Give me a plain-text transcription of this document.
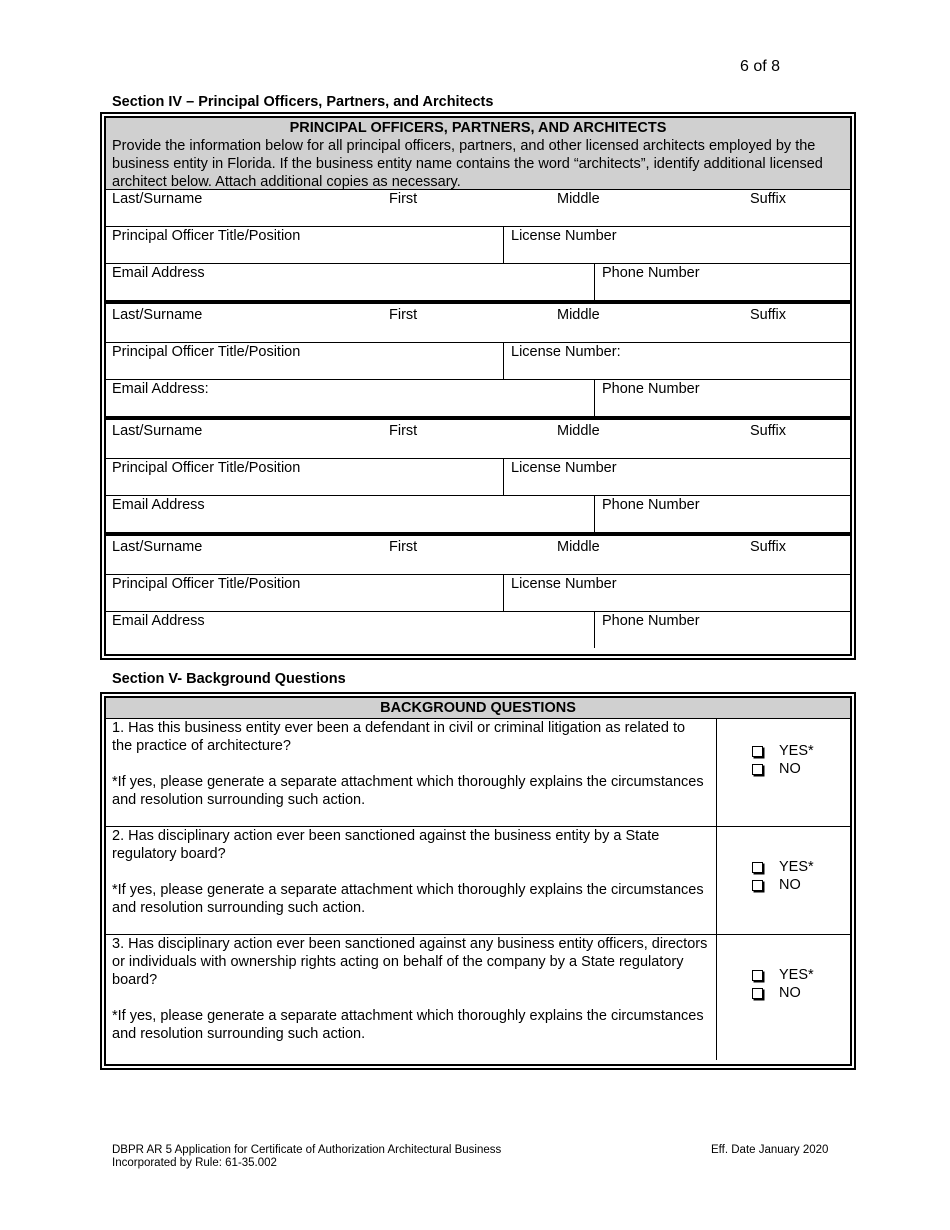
6 of 8
Section IV – Principal Officers, Partners, and Architects
PRINCIPAL OFFICERS, PARTNERS, AND ARCHITECTS
Provide the information below for all principal officers, partners, and other licensed architects employed by the business entity in Florida. If the business entity name contains the word “architects”, identify additional licensed architect below. Attach additional copies as necessary.
Last/Surname	First	Middle	Suffix
Principal Officer Title/Position	License Number
Email Address	Phone Number
Last/Surname	First	Middle	Suffix
Principal Officer Title/Position	License Number:
Email Address:	Phone Number
Last/Surname	First	Middle	Suffix
Principal Officer Title/Position	License Number
Email Address	Phone Number
Last/Surname	First	Middle	Suffix
Principal Officer Title/Position	License Number
Email Address	Phone Number
Section V- Background Questions
BACKGROUND QUESTIONS

1. Has this business entity ever been a defendant in civil or criminal litigation as related to the practice of architecture?

*If yes, please generate a separate attachment which thoroughly explains the circumstances and resolution surrounding such action.

YES*
NO

2. Has disciplinary action ever been sanctioned against the business entity by a State regulatory board?

*If yes, please generate a separate attachment which thoroughly explains the circumstances and resolution surrounding such action.

YES*
NO

3. Has disciplinary action ever been sanctioned against any business entity officers, directors or individuals with ownership rights acting on behalf of the company by a State regulatory board?

*If yes, please generate a separate attachment which thoroughly explains the circumstances and resolution surrounding such action.

YES*
NO
DBPR AR 5 Application for Certificate of Authorization Architectural Business
Incorporated by Rule: 61-35.002
Eff. Date January 2020
